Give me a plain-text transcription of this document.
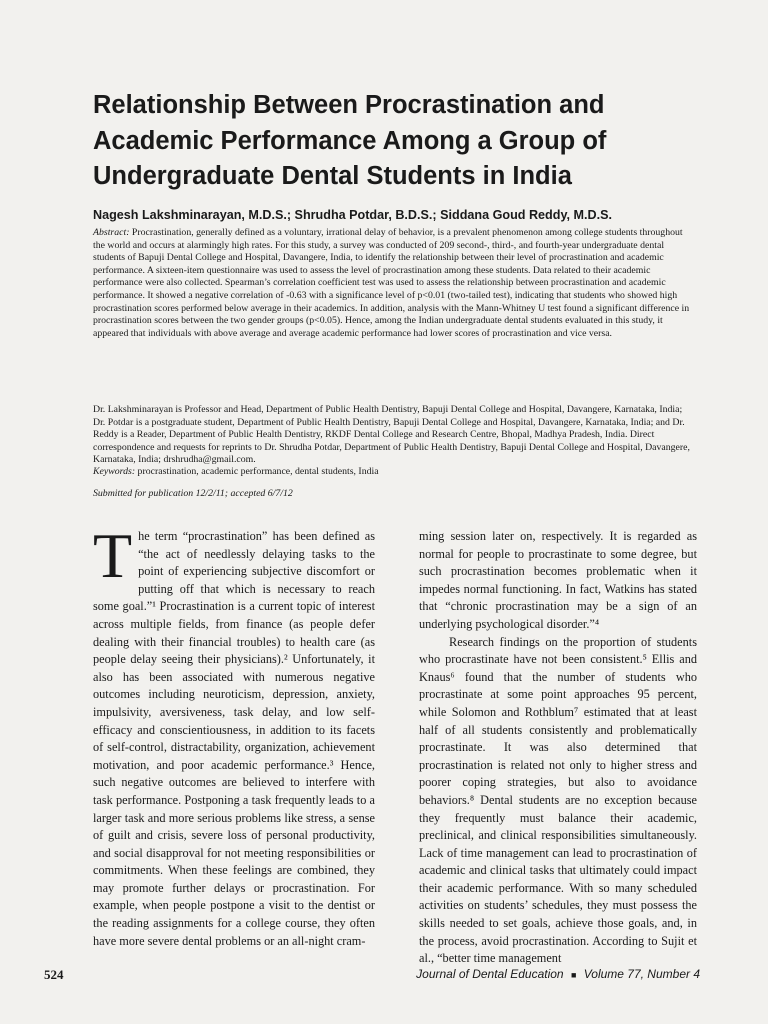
Relationship Between Procrastination and
Academic Performance Among a Group of
Undergraduate Dental Students in India

Nagesh Lakshminarayan, M.D.S.; Shrudha Potdar, B.D.S.; Siddana Goud Reddy, M.D.S.

Abstract: Procrastination, generally defined as a voluntary, irrational delay of behavior, is a prevalent phenomenon among college students throughout the world and occurs at alarmingly high rates. For this study, a survey was conducted of 209 second-, third-, and fourth-year undergraduate dental students of Bapuji Dental College and Hospital, Davangere, India, to identify the relationship between their level of procrastination and academic performance. A sixteen-item questionnaire was used to assess the level of procrastination among these students. Data related to their academic performance were also collected. Spearman’s correlation coefficient test was used to assess the relationship between procrastination and academic performance. It showed a negative correlation of -0.63 with a significance level of p<0.01 (two-tailed test), indicating that students who showed high procrastination scores performed below average in their academics. In addition, analysis with the Mann-Whitney U test found a significant difference in procrastination scores between the two gender groups (p<0.05). Hence, among the Indian undergraduate dental students evaluated in this study, it appeared that individuals with above average and average academic performance had lower scores of procrastination and vice versa.

Dr. Lakshminarayan is Professor and Head, Department of Public Health Dentistry, Bapuji Dental College and Hospital, Davangere, Karnataka, India; Dr. Potdar is a postgraduate student, Department of Public Health Dentistry, Bapuji Dental College and Hospital, Davangere, Karnataka, India; and Dr. Reddy is a Reader, Department of Public Health Dentistry, RKDF Dental College and Research Centre, Bhopal, Madhya Pradesh, India. Direct correspondence and requests for reprints to Dr. Shrudha Potdar, Department of Public Health Dentistry, Bapuji Dental College and Hospital, Davangere, Karnataka, India; drshrudha@gmail.com.

Keywords: procrastination, academic performance, dental students, India

Submitted for publication 12/2/11; accepted 6/7/12

T he term “procrastination” has been defined as “the act of needlessly delaying tasks to the point of experiencing subjective discomfort or putting off that which is necessary to reach some goal.”¹ Procrastination is a current topic of interest across multiple fields, from finance (as people defer dealing with their financial troubles) to health care (as people delay seeing their physicians).² Unfortunately, it also has been associated with numerous negative outcomes including neuroticism, depression, anxiety, impulsivity, aversiveness, task delay, and low self-efficacy and conscientiousness, in addition to its facets of self-control, distractability, organization, achievement motivation, and poor academic performance.³ Hence, such negative outcomes are believed to interfere with task performance. Postponing a task frequently leads to a larger task and more serious problems like stress, a sense of guilt and crisis, severe loss of personal productivity, and social disapproval for not meeting responsibilities or commitments. When these feelings are combined, they may promote further delays or procrastination. For example, when people postpone a visit to the dentist or the reading assignments for a college course, they often have more severe dental problems or an all-night cram-

ming session later on, respectively. It is regarded as normal for people to procrastinate to some degree, but such procrastination becomes problematic when it impedes normal functioning. In fact, Watkins has stated that “chronic procrastination may be a sign of an underlying psychological disorder.”⁴

Research findings on the proportion of students who procrastinate have not been consistent.⁵ Ellis and Knaus⁶ found that the number of students who procrastinate at some point approaches 95 percent, while Solomon and Rothblum⁷ estimated that at least half of all students consistently and problematically procrastinate. It was also determined that procrastination is related not only to higher stress and poorer coping strategies, but also to avoidance behaviors.⁸ Dental students are no exception because they frequently must balance their academic, preclinical, and clinical responsibilities simultaneously. Lack of time management can lead to procrastination of academic and clinical tasks that ultimately could impact their academic performance. With so many scheduled activities on students’ schedules, they must possess the skills needed to set goals, achieve those goals, and, in the process, avoid procrastination. According to Sujit et al., “better time management

524	Journal of Dental Education ■ Volume 77, Number 4
